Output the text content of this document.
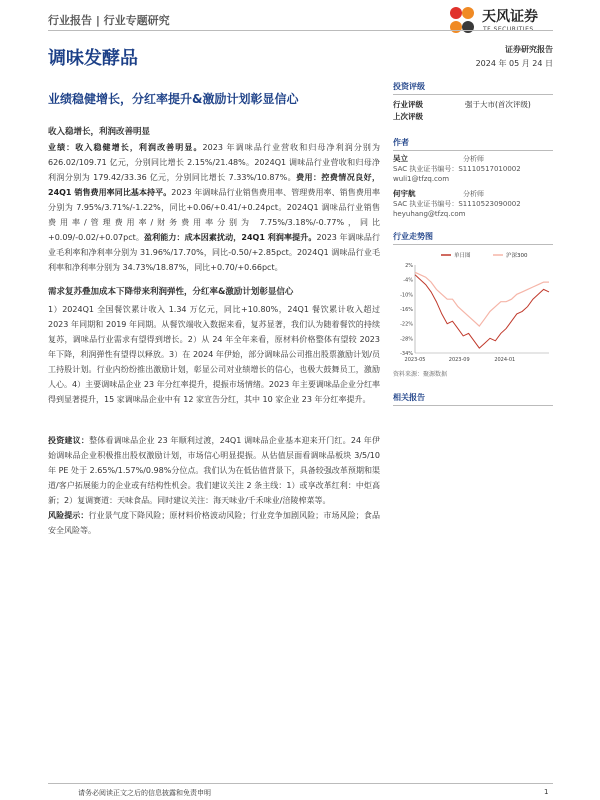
行业报告 | 行业专题研究	天风证券
调味发酵品
业绩稳健增长，分红率提升&激励计划彰显信心
证券研究报告
2024 年 05 月 24 日
投资评级
行业评级	强于大市(首次评级)
上次评级
作者
吴立	分析师
SAC 执业证书编号：S1110517010002
wuli1@tfzq.com
何宇航	分析师
SAC 执业证书编号：S1110523090002
heyuhang@tfzq.com
行业走势图
2%
-4%
-10%
-16%
-22%
-28%
-34%
2023-05	2023-09	2024-01
单日图	沪深300
资料来源：聚源数据
相关报告

收入稳增长，利润改善明显

业绩：收入稳健增长，利润改善明显。2023 年调味品行业营收和归母净利润分别为 626.02/109.71 亿元，分别同比增长 2.15%/21.48%。2024Q1 调味品行业营收和归母净利润分别为 179.42/33.36 亿元，分别同比增长 7.33%/10.87%。费用：控费情况良好，24Q1 销售费用率同比基本持平。2023 年调味品行业销售费用率、管理费用率、销售费用率分别为 7.95%/3.71%/-1.22%，同比+0.06/+0.41/+0.24pct。2024Q1 调味品行业销售费用率/管理费用率/财务费用率分别为 7.75%/3.18%/-0.77%，同比+0.09/-0.02/+0.07pct。盈利能力：成本因素扰动，24Q1 利润率提升。2023 年调味品行业毛利率和净利率分别为 31.96%/17.70%，同比-0.50/+2.85pct。2024Q1 调味品行业毛利率和净利率分别为 34.73%/18.87%，同比+0.70/+0.66pct。

需求复苏叠加成本下降带来利润弹性，分红率&激励计划彰显信心

1）2024Q1 全国餐饮累计收入 1.34 万亿元，同比+10.80%，24Q1 餐饮累计收入超过 2023 年同期和 2019 年同期。从餐饮端收入数据来看，复苏显著，我们认为随着餐饮的持续复苏，调味品行业需求有望得到增长。2）从 24 年全年来看，原材料价格整体有望较 2023 年下降，利润弹性有望得以释放。3）在 2024 年伊始，部分调味品公司推出股票激励计划/员工持股计划。行业内纷纷推出激励计划，彰显公司对业绩增长的信心，也极大鼓舞员工，激励人心。4）主要调味品企业 23 年分红率提升，提振市场情绪。2023 年主要调味品企业分红率得到显著提升，15 家调味品企业中有 12 家宣告分红，其中 10 家企业 23 年分红率提升。

投资建议：整体看调味品企业 23 年顺利过渡，24Q1 调味品企业基本迎来开门红。24 年伊始调味品企业积极推出股权激励计划，市场信心明显提振。从估值层面看调味品板块 3/5/10 年 PE 处于 2.65%/1.57%/0.98%分位点。我们认为在低估值背景下，具备较强改革预期和渠道/客户拓展能力的企业或有结构性机会。我们建议关注 2 条主线：1）或享改革红利：中炬高新；2）复调赛道：天味食品。同时建议关注：海天味业/千禾味业/涪陵榨菜等。

风险提示：行业景气度下降风险；原材料价格波动风险；行业竞争加剧风险；市场风险；食品安全风险等。

请务必阅读正文之后的信息披露和免责申明	1
